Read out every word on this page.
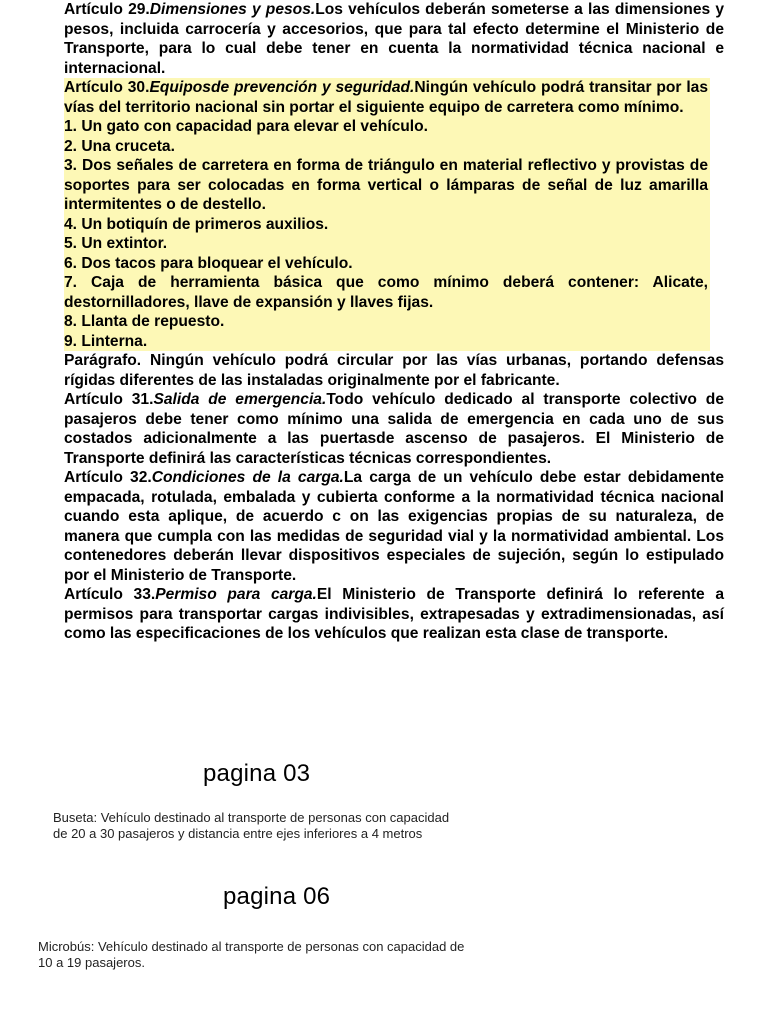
Artículo 29.Dimensiones y pesos.Los vehículos deberán someterse a las dimensiones y pesos, incluida carrocería y accesorios, que para tal efecto determine el Ministerio de Transporte, para lo cual debe tener en cuenta la normatividad técnica nacional e internacional.

Artículo 30.Equiposde prevención y seguridad.Ningún vehículo podrá transitar por las vías del territorio nacional sin portar el siguiente equipo de carretera como mínimo.

1. Un gato con capacidad para elevar el vehículo.

2. Una cruceta.

3. Dos señales de carretera en forma de triángulo en material reflectivo y provistas de soportes para ser colocadas en forma vertical o lámparas de señal de luz amarilla intermitentes o de destello.

4. Un botiquín de primeros auxilios.

5. Un extintor.

6. Dos tacos para bloquear el vehículo.

7. Caja de herramienta básica que como mínimo deberá contener: Alicate, destornilladores, llave de expansión y llaves fijas.

8. Llanta de repuesto.

9. Linterna.

Parágrafo. Ningún vehículo podrá circular por las vías urbanas, portando defensas rígidas diferentes de las instaladas originalmente por el fabricante.

Artículo 31.Salida de emergencia.Todo vehículo dedicado al transporte colectivo de pasajeros debe tener como mínimo una salida de emergencia en cada uno de sus costados adicionalmente a las puertasde ascenso de pasajeros. El Ministerio de Transporte definirá las características técnicas correspondientes.

Artículo 32.Condiciones de la carga.La carga de un vehículo debe estar debidamente empacada, rotulada, embalada y cubierta conforme a la normatividad técnica nacional cuando esta aplique, de acuerdo c on las exigencias propias de su naturaleza, de manera que cumpla con las medidas de seguridad vial y la normatividad ambiental. Los contenedores deberán llevar dispositivos especiales de sujeción, según lo estipulado por el Ministerio de Transporte.

Artículo 33.Permiso para carga.El Ministerio de Transporte definirá lo referente a permisos para transportar cargas indivisibles, extrapesadas y extradimensionadas, así como las especificaciones de los vehículos que realizan esta clase de transporte.

pagina 03
Buseta: Vehículo destinado al transporte de personas con capacidad
de 20 a 30 pasajeros y distancia entre ejes inferiores a 4 metros
pagina 06
Microbús: Vehículo destinado al transporte de personas con capacidad de
10 a 19 pasajeros.
